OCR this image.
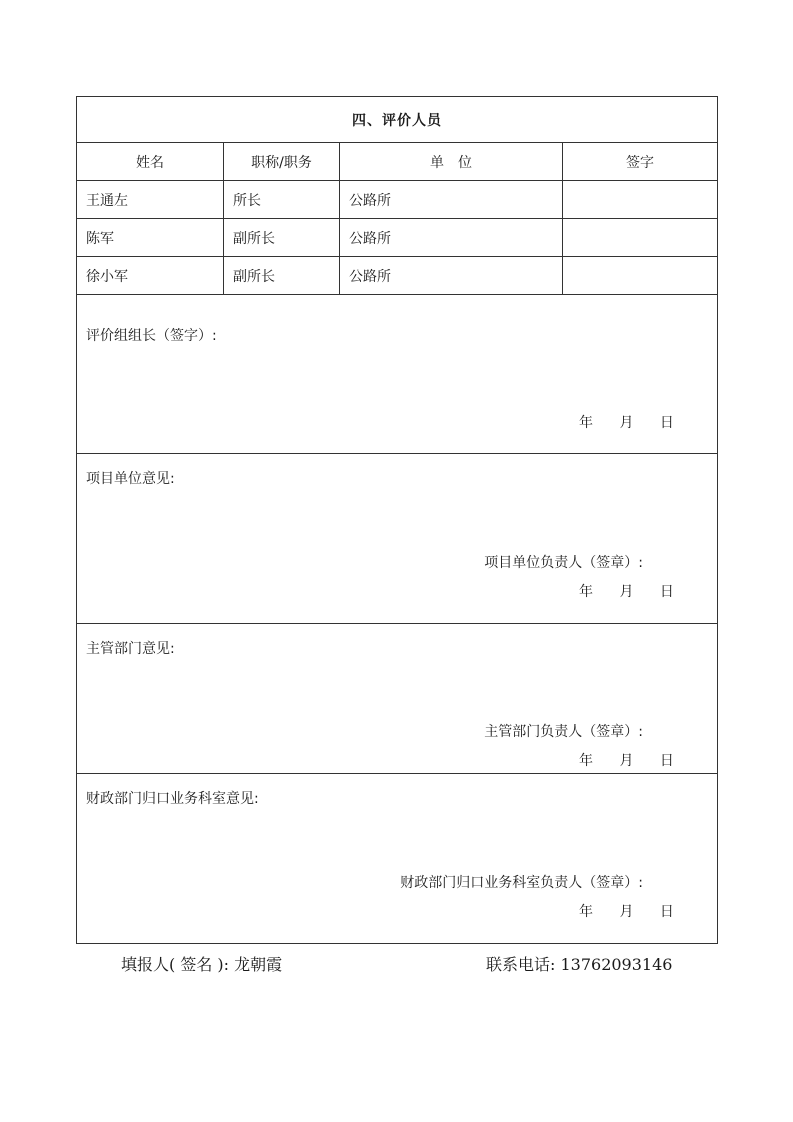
四、评价人员			
姓名	职称/职务	单　位	签字
王通左	所长	公路所	
陈军	副所长	公路所	
徐小军	副所长	公路所	

评价组组长（签字）:
年 月 日			

项目单位意见:
项目单位负责人（签章）:
年 月 日			

主管部门意见:
主管部门负责人（签章）:
年 月 日			

财政部门归口业务科室意见:
财政部门归口业务科室负责人（签章）:
年 月 日			
填报人( 签名 ): 龙朝霞	联系电话: 13762093146
